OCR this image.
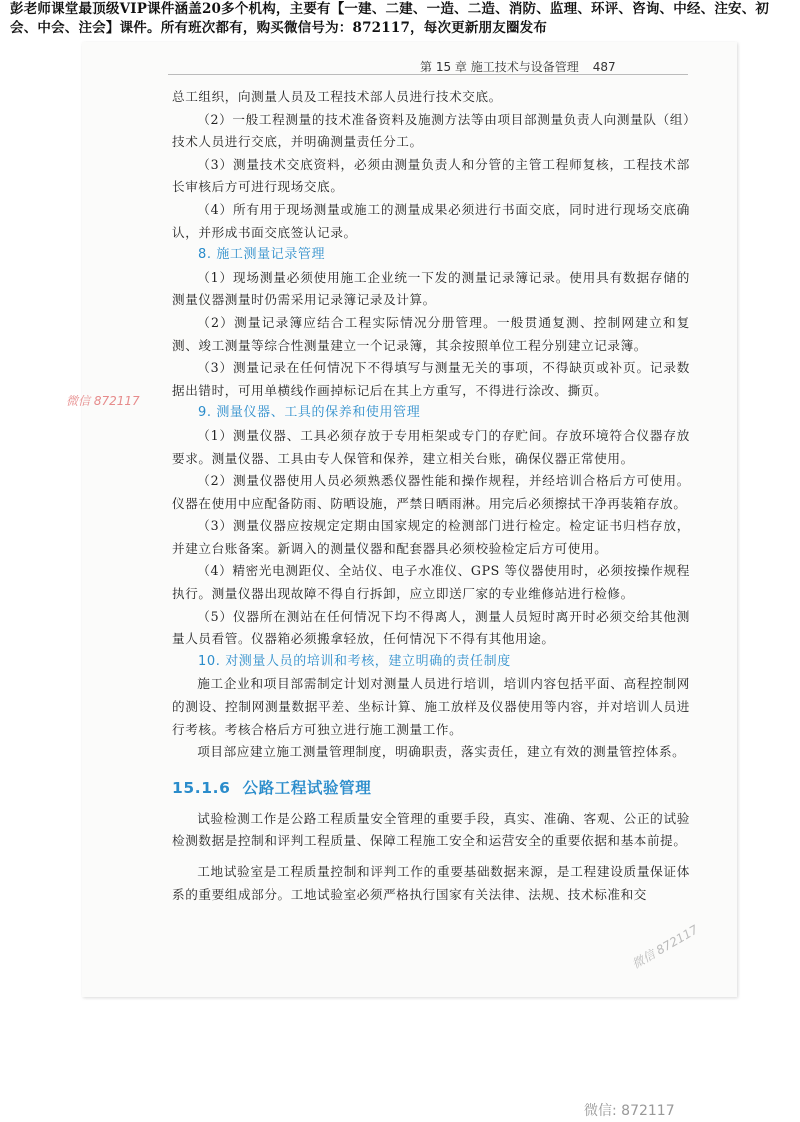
彭老师课堂最顶级VIP课件涵盖20多个机构，主要有【一建、二建、一造、二造、消防、监理、环评、咨询、中经、注安、初会、中会、注会】课件。所有班次都有，购买微信号为：872117，每次更新朋友圈发布
第 15 章 施工技术与设备管理 487

总工组织，向测量人员及工程技术部人员进行技术交底。

（2）一般工程测量的技术准备资料及施测方法等由项目部测量负责人向测量队（组）技术人员进行交底，并明确测量责任分工。

（3）测量技术交底资料，必须由测量负责人和分管的主管工程师复核，工程技术部长审核后方可进行现场交底。

（4）所有用于现场测量或施工的测量成果必须进行书面交底，同时进行现场交底确认，并形成书面交底签认记录。

8. 施工测量记录管理

（1）现场测量必须使用施工企业统一下发的测量记录簿记录。使用具有数据存储的测量仪器测量时仍需采用记录簿记录及计算。

（2）测量记录簿应结合工程实际情况分册管理。一般贯通复测、控制网建立和复测、竣工测量等综合性测量建立一个记录簿，其余按照单位工程分别建立记录簿。

（3）测量记录在任何情况下不得填写与测量无关的事项，不得缺页或补页。记录数据出错时，可用单横线作画掉标记后在其上方重写，不得进行涂改、撕页。

9. 测量仪器、工具的保养和使用管理

（1）测量仪器、工具必须存放于专用柜架或专门的存贮间。存放环境符合仪器存放要求。测量仪器、工具由专人保管和保养，建立相关台账，确保仪器正常使用。

（2）测量仪器使用人员必须熟悉仪器性能和操作规程，并经培训合格后方可使用。仪器在使用中应配备防雨、防晒设施，严禁日晒雨淋。用完后必须擦拭干净再装箱存放。

（3）测量仪器应按规定定期由国家规定的检测部门进行检定。检定证书归档存放，并建立台账备案。新调入的测量仪器和配套器具必须校验检定后方可使用。

（4）精密光电测距仪、全站仪、电子水准仪、GPS 等仪器使用时，必须按操作规程执行。测量仪器出现故障不得自行拆卸，应立即送厂家的专业维修站进行检修。

（5）仪器所在测站在任何情况下均不得离人，测量人员短时离开时必须交给其他测量人员看管。仪器箱必须搬拿轻放，任何情况下不得有其他用途。

10. 对测量人员的培训和考核，建立明确的责任制度

施工企业和项目部需制定计划对测量人员进行培训，培训内容包括平面、高程控制网的测设、控制网测量数据平差、坐标计算、施工放样及仪器使用等内容，并对培训人员进行考核。考核合格后方可独立进行施工测量工作。

项目部应建立施工测量管理制度，明确职责，落实责任，建立有效的测量管控体系。

15.1.6 公路工程试验管理

试验检测工作是公路工程质量安全管理的重要手段，真实、准确、客观、公正的试验检测数据是控制和评判工程质量、保障工程施工安全和运营安全的重要依据和基本前提。

工地试验室是工程质量控制和评判工作的重要基础数据来源，是工程建设质量保证体系的重要组成部分。工地试验室必须严格执行国家有关法律、法规、技术标准和交

微信 872117
微信 872117
微信: 872117
